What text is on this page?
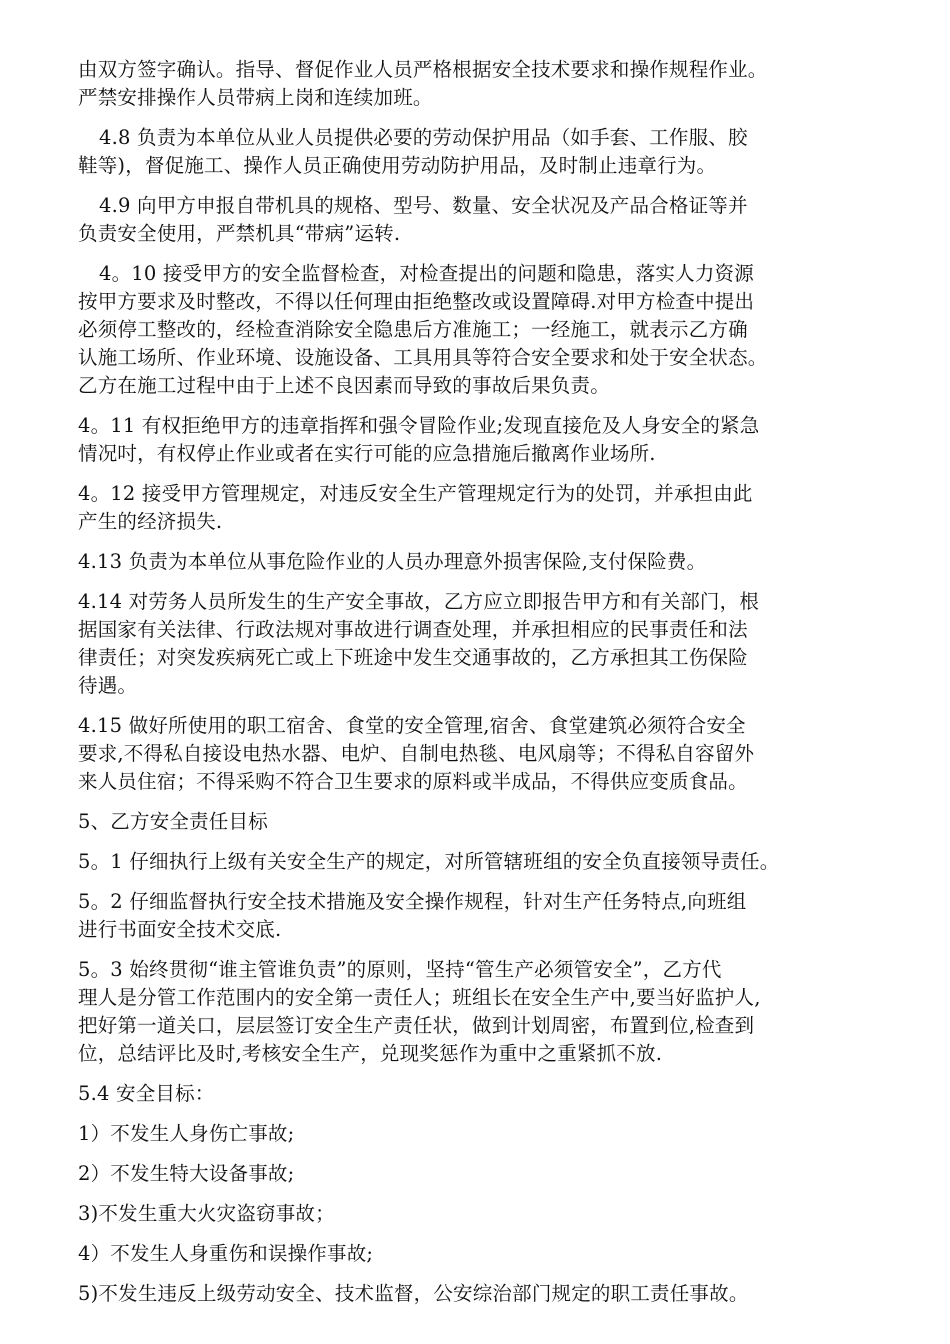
由双方签字确认。指导、督促作业人员严格根据安全技术要求和操作规程作业。
严禁安排操作人员带病上岗和连续加班。
4.8 负责为本单位从业人员提供必要的劳动保护用品（如手套、工作服、胶
鞋等)，督促施工、操作人员正确使用劳动防护用品，及时制止违章行为。
4.9 向甲方申报自带机具的规格、型号、数量、安全状况及产品合格证等并
负责安全使用，严禁机具“带病”运转.
4。10 接受甲方的安全监督检查，对检查提出的问题和隐患，落实人力资源
按甲方要求及时整改，不得以任何理由拒绝整改或设置障碍.对甲方检查中提出
必须停工整改的，经检查消除安全隐患后方准施工；一经施工，就表示乙方确
认施工场所、作业环境、设施设备、工具用具等符合安全要求和处于安全状态。
乙方在施工过程中由于上述不良因素而导致的事故后果负责。
4。11 有权拒绝甲方的违章指挥和强令冒险作业;发现直接危及人身安全的紧急
情况吋，有权停止作业或者在实行可能的应急措施后撤离作业场所.
4。12 接受甲方管理规定，对违反安全生产管理规定行为的处罚，并承担由此
产生的经济损失.
4.13 负责为本单位从事危险作业的人员办理意外损害保险,支付保险费。
4.14 对劳务人员所发生的生产安全事故，乙方应立即报告甲方和有关部门，根
据国家有关法律、行政法规对事故进行调查处理，并承担相应的民事责任和法
律责任；对突发疾病死亡或上下班途中发生交通事故的，乙方承担其工伤保险
待遇。
4.15 做好所使用的职工宿舍、食堂的安全管理,宿舍、食堂建筑必须符合安全
要求,不得私自接设电热水器、电炉、自制电热毯、电风扇等；不得私自容留外
来人员住宿；不得采购不符合卫生要求的原料或半成品，不得供应变质食品。
5、乙方安全责任目标
5。1 仔细执行上级有关安全生产的规定，对所管辖班组的安全负直接领导责任。
5。2 仔细监督执行安全技术措施及安全操作规程，针对生产任务特点,向班组
进行书面安全技术交底.
5。3 始终贯彻“谁主管谁负责”的原则，坚持“管生产必须管安全”，乙方代
理人是分管工作范围内的安全第一责任人；班组长在安全生产中,要当好监护人,
把好第一道关口，层层签订安全生产责任状，做到计划周密，布置到位,检查到
位，总结评比及时,考核安全生产，兑现奖惩作为重中之重紧抓不放.
5.4 安全目标：
1）不发生人身伤亡事故;
2）不发生特大设备事故;
3)不发生重大火灾盗窃事故；
4）不发生人身重伤和误操作事故;
5)不发生违反上级劳动安全、技术监督，公安综治部门规定的职工责任事故。
